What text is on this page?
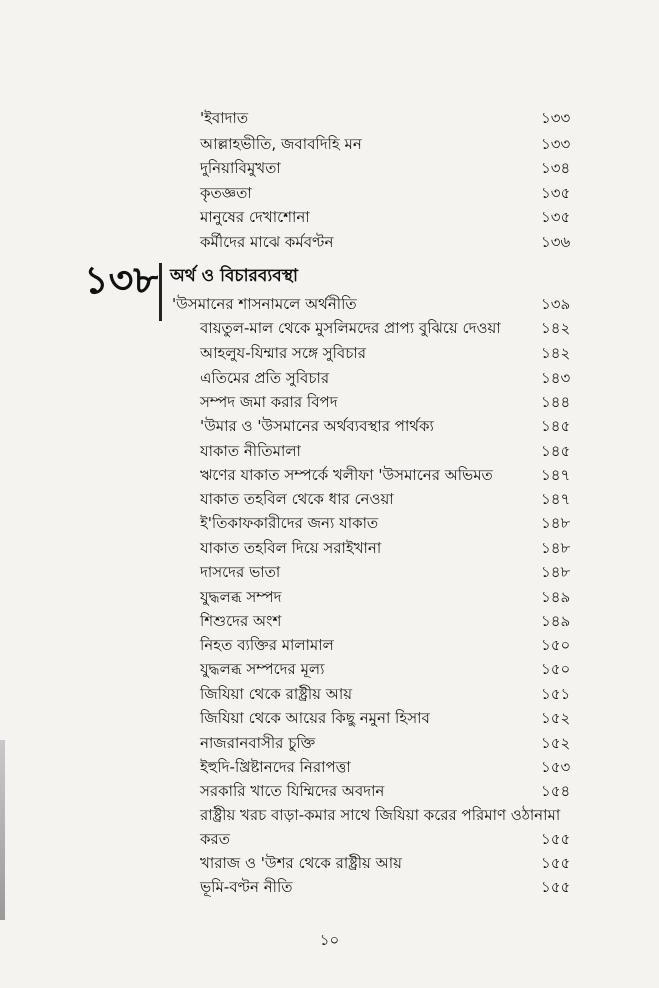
'ইবাদাত	১৩৩
আল্লাহভীতি, জবাবদিহি মন	১৩৩
দুনিয়াবিমুখতা	১৩৪
কৃতজ্ঞতা	১৩৫
মানুষের দেখাশোনা	১৩৫
কর্মীদের মাঝে কর্মবণ্টন	১৩৬
'উসমানের শাসনামলে অর্থনীতি	১৩৯
বায়তুল-মাল থেকে মুসলিমদের প্রাপ্য বুঝিয়ে দেওয়া	১৪২
আহলুয-যিম্মার সঙ্গে সুবিচার	১৪২
এতিমের প্রতি সুবিচার	১৪৩
সম্পদ জমা করার বিপদ	১৪৪
'উমার ও 'উসমানের অর্থব্যবস্থার পার্থক্য	১৪৫
যাকাত নীতিমালা	১৪৫
ঋণের যাকাত সম্পর্কে খলীফা 'উসমানের অভিমত	১৪৭
যাকাত তহবিল থেকে ধার নেওয়া	১৪৭
ই'তিকাফকারীদের জন্য যাকাত	১৪৮
যাকাত তহবিল দিয়ে সরাইখানা	১৪৮
দাসদের ভাতা	১৪৮
যুদ্ধলব্ধ সম্পদ	১৪৯
শিশুদের অংশ	১৪৯
নিহত ব্যক্তির মালামাল	১৫০
যুদ্ধলব্ধ সম্পদের মূল্য	১৫০
জিযিয়া থেকে রাষ্ট্রীয় আয়	১৫১
জিযিয়া থেকে আয়ের কিছু নমুনা হিসাব	১৫২
নাজরানবাসীর চুক্তি	১৫২
ইহুদি-খ্রিষ্টানদের নিরাপত্তা	১৫৩
সরকারি খাতে যিম্মিদের অবদান	১৫৪
রাষ্ট্রীয় খরচ বাড়া-কমার সাথে জিযিয়া করের পরিমাণ ওঠানামা
করত	১৫৫
খারাজ ও 'উশর থেকে রাষ্ট্রীয় আয়	১৫৫
ভূমি-বণ্টন নীতি	১৫৫
১৩৮ অর্থ ও বিচারব্যবস্থা
১০
